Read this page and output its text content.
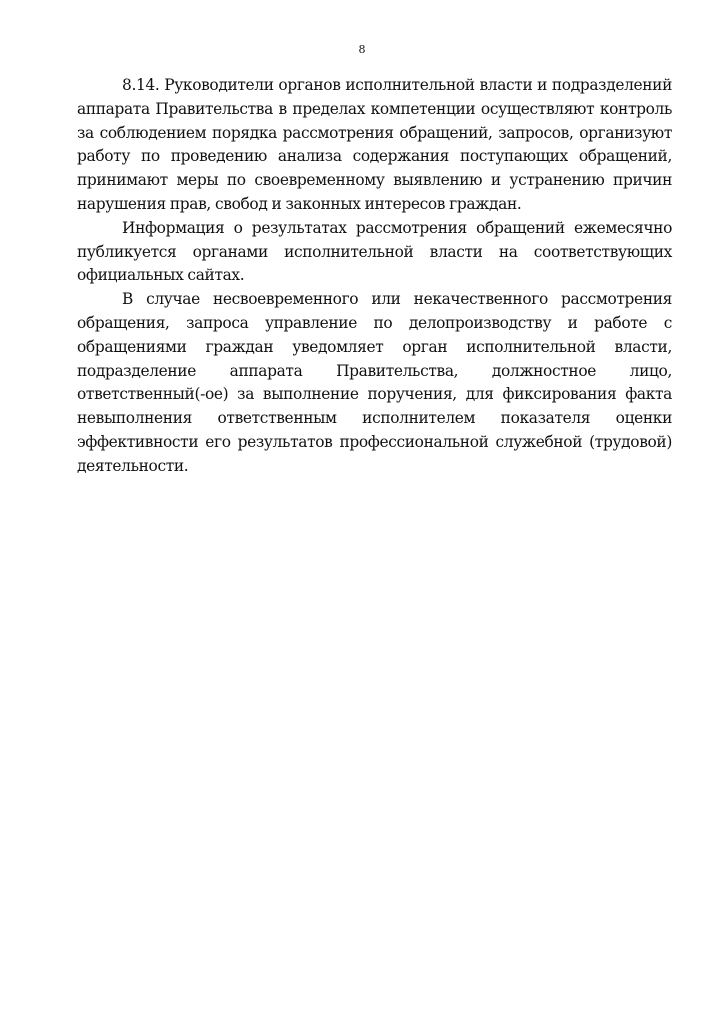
8

8.14. Руководители органов исполнительной власти и подразделений аппарата Правительства в пределах компетенции осуществляют контроль за соблюдением порядка рассмотрения обращений, запросов, организуют работу по проведению анализа содержания поступающих обращений, принимают меры по своевременному выявлению и устранению причин нарушения прав, свобод и законных интересов граждан.

Информация о результатах рассмотрения обращений ежемесячно публикуется органами исполнительной власти на соответствующих официальных сайтах.

В случае несвоевременного или некачественного рассмотрения обращения, запроса управление по делопроизводству и работе с обращениями граждан уведомляет орган исполнительной власти, подразделение аппарата Правительства, должностное лицо, ответственный(-ое) за выполнение поручения, для фиксирования факта невыполнения ответственным исполнителем показателя оценки эффективности его результатов профессиональной служебной (трудовой) деятельности.
